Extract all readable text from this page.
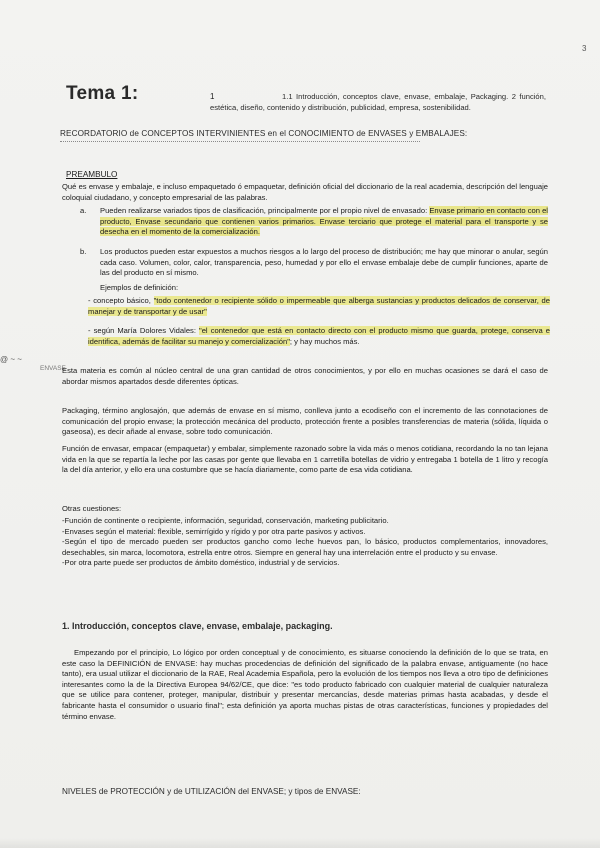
3
Tema 1:	1	1.1 Introducción, conceptos clave, envase, embalaje, Packaging. 2 función, estética, diseño, contenido y distribución, publicidad, empresa, sostenibilidad.
RECORDATORIO de CONCEPTOS INTERVINIENTES en el CONOCIMIENTO de ENVASES y EMBALAJES:
PREAMBULO
Qué es envase y embalaje, e incluso empaquetado ó empaquetar, definición oficial del diccionario de la real academia, descripción del lenguaje coloquial ciudadano, y concepto empresarial de las palabras.
a.	Pueden realizarse variados tipos de clasificación, principalmente por el propio nivel de envasado: Envase primario en contacto con el producto, Envase secundario que contienen varios primarios. Envase terciario que protege el material para el transporte y se desecha en el momento de la comercialización.
b.	Los productos pueden estar expuestos a muchos riesgos a lo largo del proceso de distribución; me hay que minorar o anular, según cada caso. Volumen, color, calor, transparencia, peso, humedad y por ello el envase embalaje debe de cumplir funciones, aparte de las del producto en sí mismo.
Ejemplos de definición:
- concepto básico, "todo contenedor o recipiente sólido o impermeable que alberga sustancias y productos delicados de conservar, de manejar y de transportar y de usar"
- según María Dolores Vidales: "el contenedor que está en contacto directo con el producto mismo que guarda, protege, conserva e identifica, además de facilitar su manejo y comercialización"; y hay muchos más.
@ ~ ~
ENVASE
Esta materia es común al núcleo central de una gran cantidad de otros conocimientos, y por ello en muchas ocasiones se dará el caso de abordar mismos apartados desde diferentes ópticas.
Packaging, término anglosajón, que además de envase en sí mismo, conlleva junto a ecodiseño con el incremento de las connotaciones de comunicación del propio envase; la protección mecánica del producto, protección frente a posibles transferencias de materia (sólida, líquida o gaseosa), es decir añade al envase, sobre todo comunicación.
Función de envasar, empacar (empaquetar) y embalar, simplemente razonado sobre la vida más o menos cotidiana, recordando la no tan lejana vida en la que se repartía la leche por las casas por gente que llevaba en 1 carretilla botellas de vidrio y entregaba 1 botella de 1 litro y recogía la del día anterior, y ello era una costumbre que se hacía diariamente, como parte de esa vida cotidiana.
Otras cuestiones:
-Función de continente o recipiente, información, seguridad, conservación, marketing publicitario.
-Envases según el material: flexible, semirrígido y rígido y por otra parte pasivos y activos.
-Según el tipo de mercado pueden ser productos gancho como leche huevos pan, lo básico, productos complementarios, innovadores, desechables, sin marca, locomotora, estrella entre otros. Siempre en general hay una interrelación entre el producto y su envase.
-Por otra parte puede ser productos de ámbito doméstico, industrial y de servicios.
1. Introducción, conceptos clave, envase, embalaje, packaging.
Empezando por el principio, Lo lógico por orden conceptual y de conocimiento, es situarse conociendo la definición de lo que se trata, en este caso la DEFINICIÓN de ENVASE: hay muchas procedencias de definición del significado de la palabra envase, antiguamente (no hace tanto), era usual utilizar el diccionario de la RAE, Real Academia Española, pero la evolución de los tiempos nos lleva a otro tipo de definiciones interesantes como la de la Directiva Europea 94/62/CE, que dice: "es todo producto fabricado con cualquier material de cualquier naturaleza que se utilice para contener, proteger, manipular, distribuir y presentar mercancías, desde materias primas hasta acabadas, y desde el fabricante hasta el consumidor o usuario final"; esta definición ya aporta muchas pistas de otras características, funciones y propiedades del término envase.
NIVELES de PROTECCIÓN y de UTILIZACIÓN del ENVASE; y tipos de ENVASE:
